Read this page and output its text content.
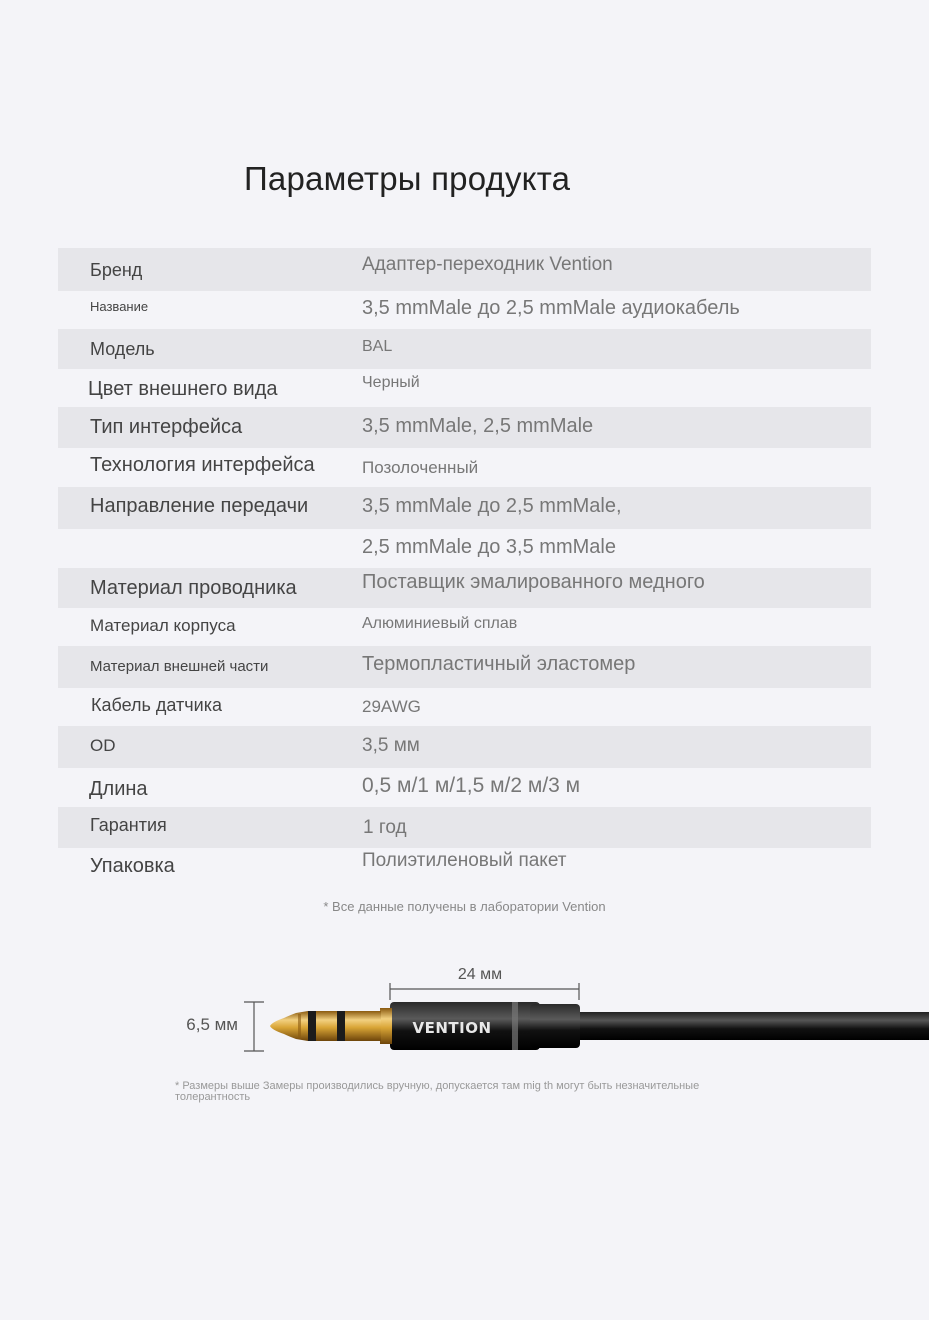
Параметры продукта
Бренд	Адаптер-переходник Vention
Название	3,5 mmMale до 2,5 mmMale аудиокабель
Модель	BAL
Цвет внешнего вида	Черный
Тип интерфейса	3,5 mmMale, 2,5 mmMale
Технология интерфейса	Позолоченный
Направление передачи	3,5 mmMale до 2,5 mmMale,
2,5 mmMale до 3,5 mmMale
Материал проводника	Поставщик эмалированного медного
Материал корпуса	Алюминиевый сплав
Материал внешней части	Термопластичный эластомер
Кабель датчика	29AWG
OD	3,5 мм
Длина	0,5 м/1 м/1,5 м/2 м/3 м
Гарантия	1 год
Упаковка	Полиэтиленовый пакет
* Все данные получены в лаборатории Vention
24 мм
6,5 мм	VENTION
* Размеры выше Замеры производились вручную, допускается там mig th могут быть незначительные толерантность
